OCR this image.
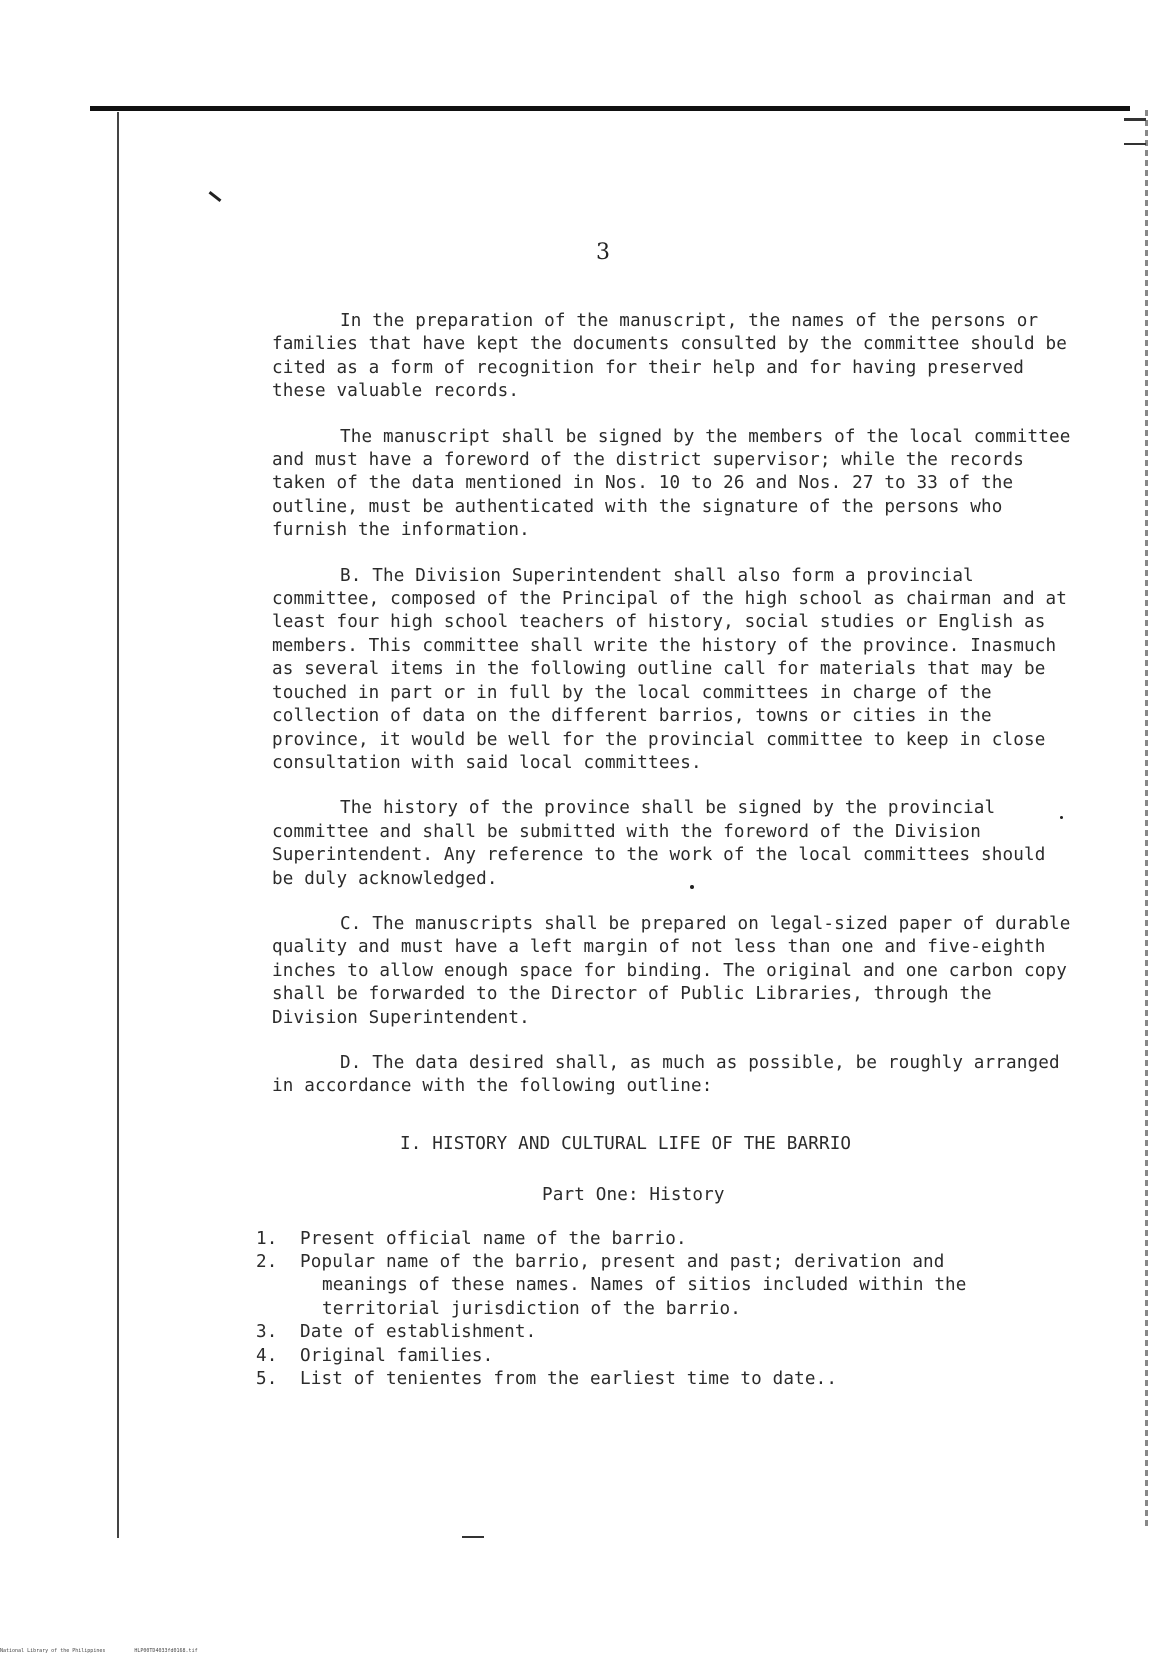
3

In the preparation of the manuscript, the names of the persons or families that have kept the documents consulted by the committee should be cited as a form of recognition for their help and for having preserved these valuable records.

The manuscript shall be signed by the members of the local committee and must have a foreword of the district supervisor; while the records taken of the data mentioned in Nos. 10 to 26 and Nos. 27 to 33 of the outline, must be authenticated with the signature of the persons who furnish the information.

B. The Division Superintendent shall also form a provincial committee, composed of the Principal of the high school as chairman and at least four high school teachers of history, social studies or English as members. This committee shall write the history of the province. Inasmuch as several items in the following outline call for materials that may be touched in part or in full by the local committees in charge of the collection of data on the different barrios, towns or cities in the province, it would be well for the provincial committee to keep in close consultation with said local committees.

The history of the province shall be signed by the provincial committee and shall be submitted with the foreword of the Division Superintendent. Any reference to the work of the local committees should be duly acknowledged.

C. The manuscripts shall be prepared on legal-sized paper of durable quality and must have a left margin of not less than one and five-eighth inches to allow enough space for binding. The original and one carbon copy shall be forwarded to the Director of Public Libraries, through the Division Superintendent.

D. The data desired shall, as much as possible, be roughly arranged in accordance with the following outline:

I. HISTORY AND CULTURAL LIFE OF THE BARRIO
Part One: History
1.	Present official name of the barrio.
2.	Popular name of the barrio, present and past; derivation and
meanings of these names. Names of sitios included within the territorial jurisdiction of the barrio.
3.	Date of establishment.
4.	Original families.
5.	List of tenientes from the earliest time to date..
National Library of the Philippines	HLP00TD4033fd0168.tif
